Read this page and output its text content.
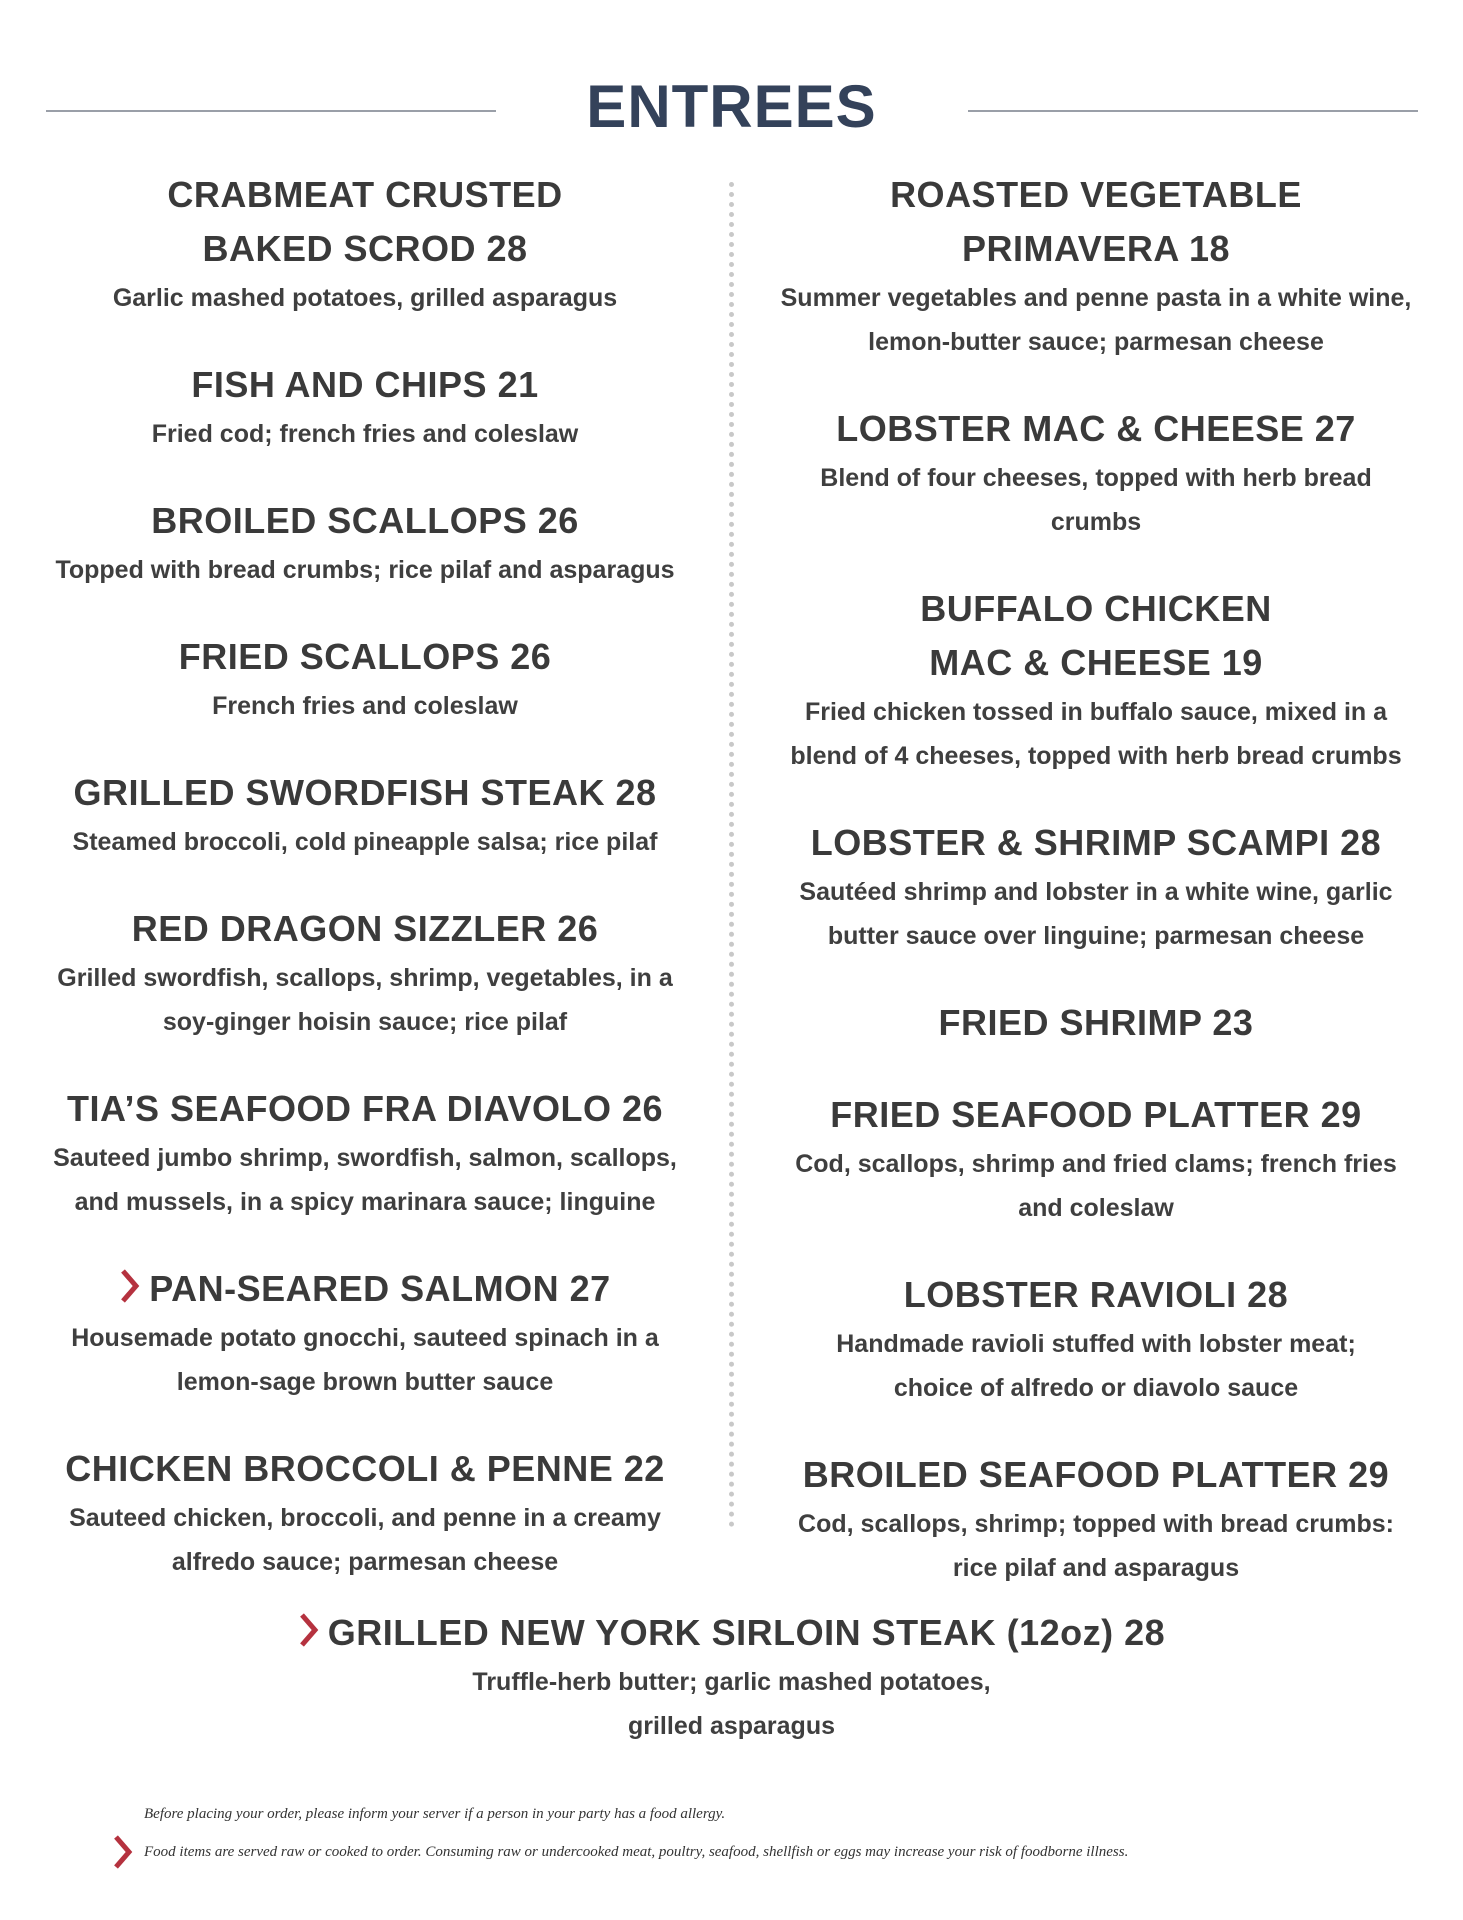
ENTREES
CRABMEAT CRUSTED
BAKED SCROD 28
Garlic mashed potatoes, grilled asparagus
FISH AND CHIPS 21
Fried cod; french fries and coleslaw
BROILED SCALLOPS 26
Topped with bread crumbs; rice pilaf and asparagus
FRIED SCALLOPS 26
French fries and coleslaw
GRILLED SWORDFISH STEAK 28
Steamed broccoli, cold pineapple salsa; rice pilaf
RED DRAGON SIZZLER 26
Grilled swordfish, scallops, shrimp, vegetables, in a
soy-ginger hoisin sauce; rice pilaf
TIA’S SEAFOOD FRA DIAVOLO 26
Sauteed jumbo shrimp, swordfish, salmon, scallops,
and mussels, in a spicy marinara sauce; linguine
PAN-SEARED SALMON 27
Housemade potato gnocchi, sauteed spinach in a
lemon-sage brown butter sauce
CHICKEN BROCCOLI & PENNE 22
Sauteed chicken, broccoli, and penne in a creamy
alfredo sauce; parmesan cheese
ROASTED VEGETABLE
PRIMAVERA 18
Summer vegetables and penne pasta in a white wine,
lemon-butter sauce; parmesan cheese
LOBSTER MAC & CHEESE 27
Blend of four cheeses, topped with herb bread
crumbs
BUFFALO CHICKEN
MAC & CHEESE 19
Fried chicken tossed in buffalo sauce, mixed in a
blend of 4 cheeses, topped with herb bread crumbs
LOBSTER & SHRIMP SCAMPI 28
Sautéed shrimp and lobster in a white wine, garlic
butter sauce over linguine; parmesan cheese
FRIED SHRIMP 23
FRIED SEAFOOD PLATTER 29
Cod, scallops, shrimp and fried clams; french fries
and coleslaw
LOBSTER RAVIOLI 28
Handmade ravioli stuffed with lobster meat;
choice of alfredo or diavolo sauce
BROILED SEAFOOD PLATTER 29
Cod, scallops, shrimp; topped with bread crumbs:
rice pilaf and asparagus
GRILLED NEW YORK SIRLOIN STEAK (12oz) 28
Truffle-herb butter; garlic mashed potatoes,
grilled asparagus
Before placing your order, please inform your server if a person in your party has a food allergy.
Food items are served raw or cooked to order. Consuming raw or undercooked meat, poultry, seafood, shellfish or eggs may increase your risk of foodborne illness.
